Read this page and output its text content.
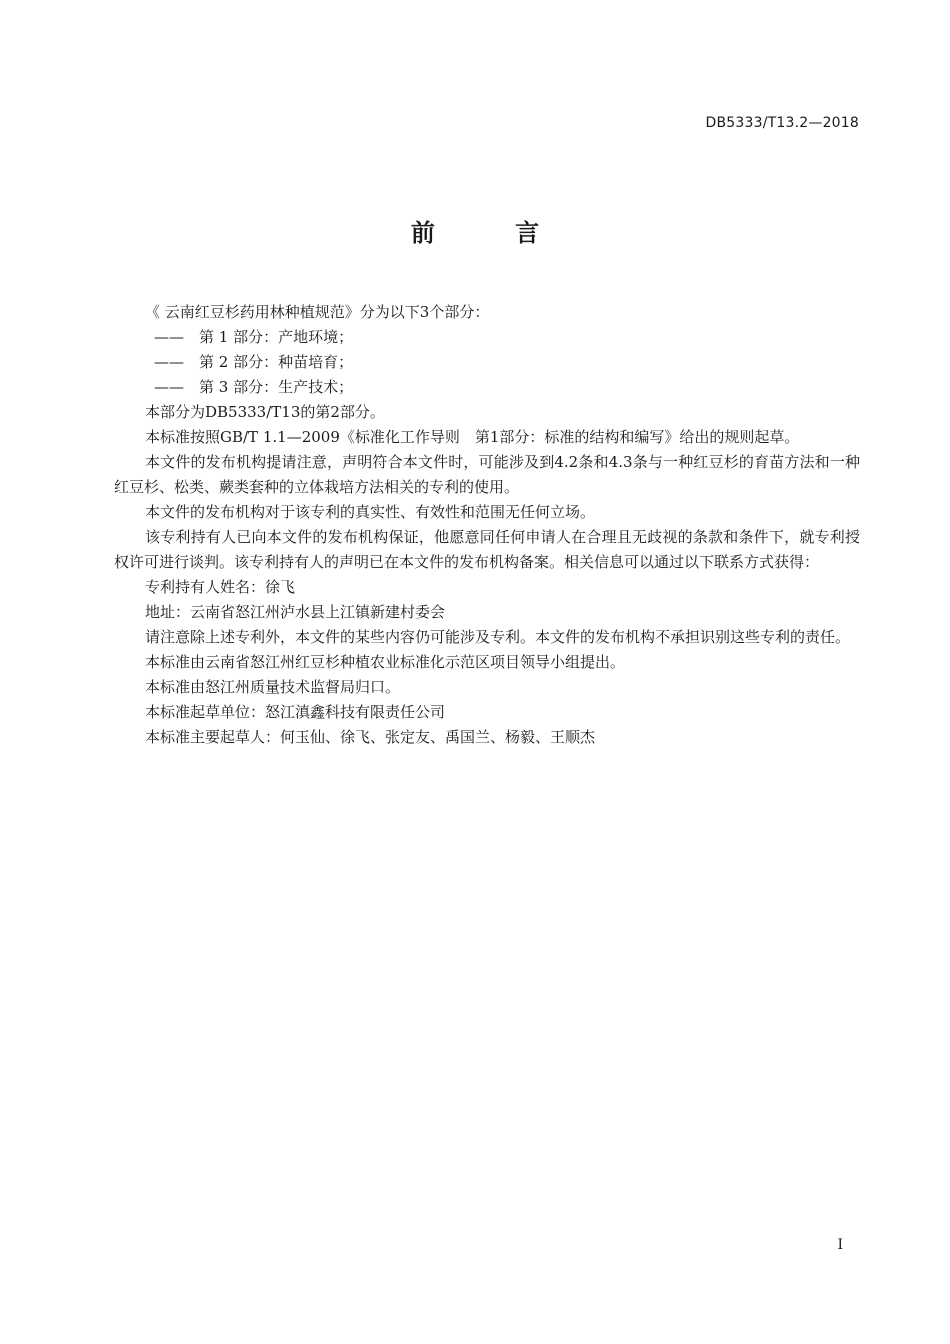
DB5333/T13.2—2018
前 言

《 云南红豆杉药用林种植规范》分为以下3个部分：

——　第 1 部分：产地环境；

——　第 2 部分：种苗培育；

——　第 3 部分：生产技术；

本部分为DB5333/T13的第2部分。

本标准按照GB/T 1.1—2009《标准化工作导则　第1部分：标准的结构和编写》给出的规则起草。

本文件的发布机构提请注意，声明符合本文件时，可能涉及到4.2条和4.3条与一种红豆杉的育苗方法和一种红豆杉、松类、蕨类套种的立体栽培方法相关的专利的使用。

本文件的发布机构对于该专利的真实性、有效性和范围无任何立场。

该专利持有人已向本文件的发布机构保证，他愿意同任何申请人在合理且无歧视的条款和条件下，就专利授权许可进行谈判。该专利持有人的声明已在本文件的发布机构备案。相关信息可以通过以下联系方式获得：

专利持有人姓名：徐飞

地址：云南省怒江州泸水县上江镇新建村委会

请注意除上述专利外，本文件的某些内容仍可能涉及专利。本文件的发布机构不承担识别这些专利的责任。

本标准由云南省怒江州红豆杉种植农业标准化示范区项目领导小组提出。

本标准由怒江州质量技术监督局归口。

本标准起草单位：怒江滇鑫科技有限责任公司

本标准主要起草人：何玉仙、徐飞、张定友、禹国兰、杨毅、王顺杰

I
